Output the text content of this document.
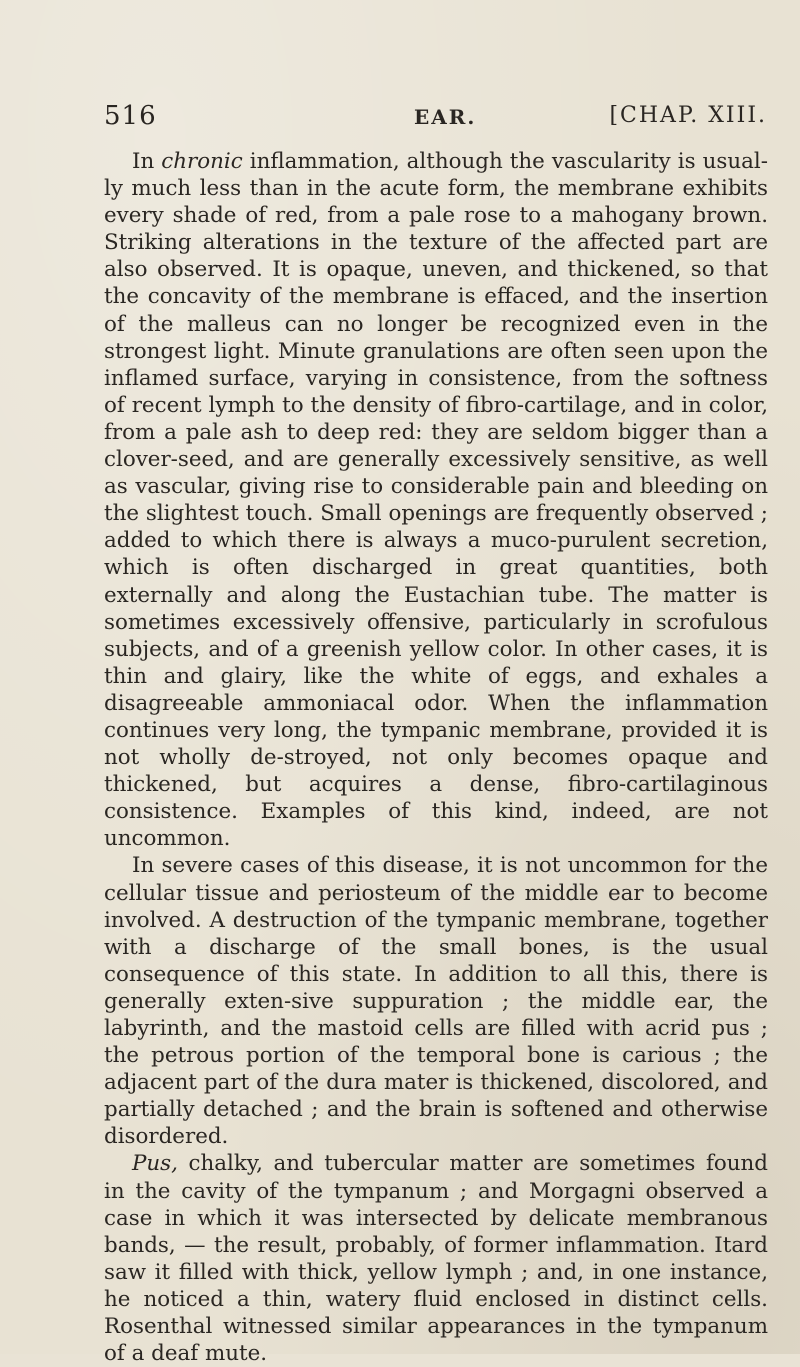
516	EAR.	[CHAP. XIII.

In chronic inflammation, although the vascularity is usual-ly much less than in the acute form, the membrane exhibits every shade of red, from a pale rose to a mahogany brown. Striking alterations in the texture of the affected part are also observed. It is opaque, uneven, and thickened, so that the concavity of the membrane is effaced, and the insertion of the malleus can no longer be recognized even in the strongest light. Minute granulations are often seen upon the inflamed surface, varying in consistence, from the softness of recent lymph to the density of fibro-cartilage, and in color, from a pale ash to deep red: they are seldom bigger than a clover-seed, and are generally excessively sensitive, as well as vascular, giving rise to considerable pain and bleeding on the slightest touch. Small openings are frequently observed ; added to which there is always a muco-purulent secretion, which is often discharged in great quantities, both externally and along the Eustachian tube. The matter is sometimes excessively offensive, particularly in scrofulous subjects, and of a greenish yellow color. In other cases, it is thin and glairy, like the white of eggs, and exhales a disagreeable ammoniacal odor. When the inflammation continues very long, the tympanic membrane, provided it is not wholly de-stroyed, not only becomes opaque and thickened, but acquires a dense, fibro-cartilaginous consistence. Examples of this kind, indeed, are not uncommon.

In severe cases of this disease, it is not uncommon for the cellular tissue and periosteum of the middle ear to become involved. A destruction of the tympanic membrane, together with a discharge of the small bones, is the usual consequence of this state. In addition to all this, there is generally exten-sive suppuration ; the middle ear, the labyrinth, and the mastoid cells are filled with acrid pus ; the petrous portion of the temporal bone is carious ; the adjacent part of the dura mater is thickened, discolored, and partially detached ; and the brain is softened and otherwise disordered.

Pus, chalky, and tubercular matter are sometimes found in the cavity of the tympanum ; and Morgagni observed a case in which it was intersected by delicate membranous bands, — the result, probably, of former inflammation. Itard saw it filled with thick, yellow lymph ; and, in one instance, he noticed a thin, watery fluid enclosed in distinct cells. Rosenthal witnessed similar appearances in the tympanum of a deaf mute.
